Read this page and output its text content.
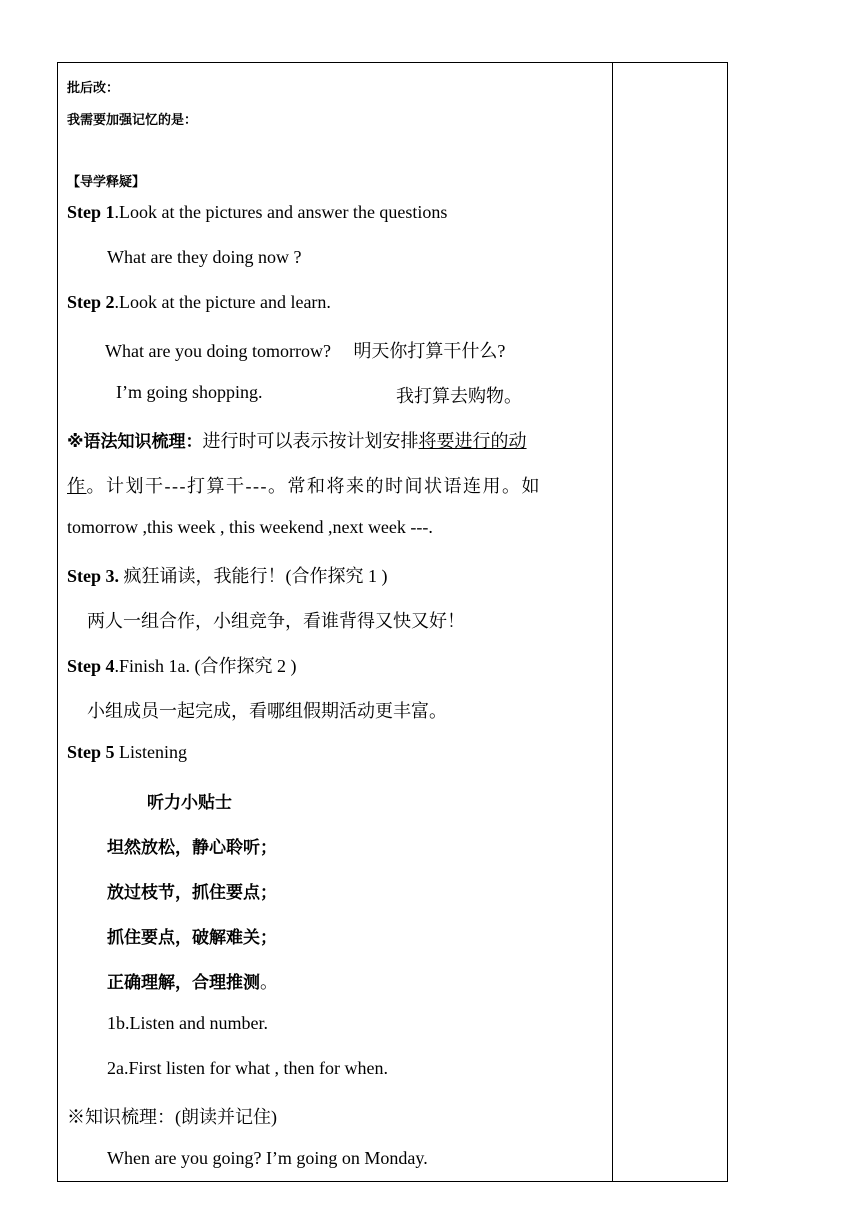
批后改：
我需要加强记忆的是：
【导学释疑】
Step 1.Look at the pictures and answer the questions
What are they doing now ?
Step 2.Look at the picture and learn.
What are you doing tomorrow? 明天你打算干什么?
I’m going shopping.	我打算去购物。
※语法知识梳理：进行时可以表示按计划安排将要进行的动
作。计划干---打算干---。常和将来的时间状语连用。如
tomorrow ,this week , this weekend ,next week ---.
Step 3. 疯狂诵读，我能行！(合作探究 1 )
两人一组合作，小组竞争，看谁背得又快又好！
Step 4.Finish 1a. (合作探究 2 )
小组成员一起完成，看哪组假期活动更丰富。
Step 5 Listening
听力小贴士
坦然放松，静心聆听；
放过枝节，抓住要点；
抓住要点，破解难关；
正确理解，合理推测。
1b.Listen and number.
2a.First listen for what , then for when.
※知识梳理：(朗读并记住)
When are you going? I’m going on Monday.
